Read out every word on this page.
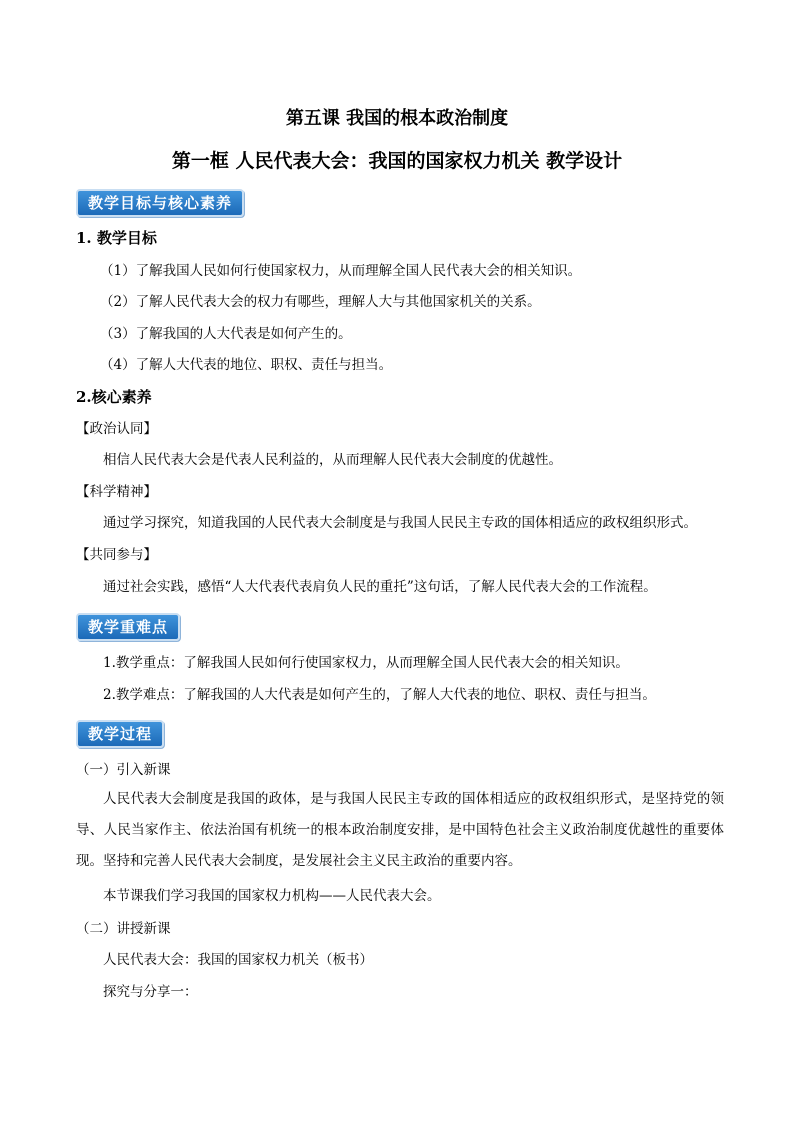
第五课 我国的根本政治制度
第一框 人民代表大会：我国的国家权力机关 教学设计
教学目标与核心素养
1. 教学目标
（1）了解我国人民如何行使国家权力，从而理解全国人民代表大会的相关知识。
（2）了解人民代表大会的权力有哪些，理解人大与其他国家机关的关系。
（3）了解我国的人大代表是如何产生的。
（4）了解人大代表的地位、职权、责任与担当。
2.核心素养
【政治认同】
相信人民代表大会是代表人民利益的，从而理解人民代表大会制度的优越性。
【科学精神】
通过学习探究，知道我国的人民代表大会制度是与我国人民民主专政的国体相适应的政权组织形式。
【共同参与】
通过社会实践，感悟“人大代表代表肩负人民的重托”这句话，了解人民代表大会的工作流程。
教学重难点
1.教学重点：了解我国人民如何行使国家权力，从而理解全国人民代表大会的相关知识。
2.教学难点：了解我国的人大代表是如何产生的，了解人大代表的地位、职权、责任与担当。
教学过程
（一）引入新课
人民代表大会制度是我国的政体，是与我国人民民主专政的国体相适应的政权组织形式，是坚持党的领导、人民当家作主、依法治国有机统一的根本政治制度安排，是中国特色社会主义政治制度优越性的重要体现。坚持和完善人民代表大会制度，是发展社会主义民主政治的重要内容。
本节课我们学习我国的国家权力机构——人民代表大会。
（二）讲授新课
人民代表大会：我国的国家权力机关（板书）
探究与分享一：
